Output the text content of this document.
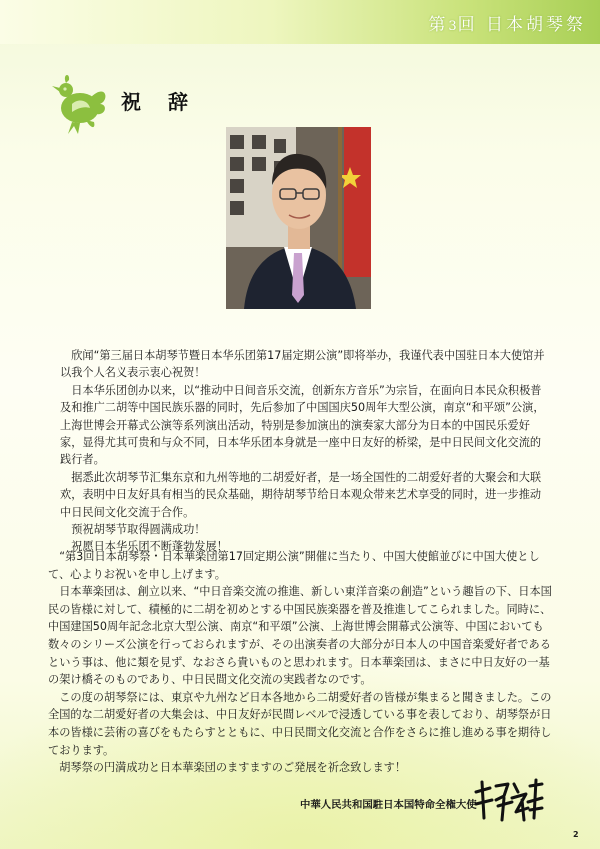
第3回 日本胡琴祭
祝 辞

欣闻“第三届日本胡琴节暨日本华乐团第17届定期公演”即将举办，我谨代表中国驻日本大使馆并以我个人名义表示衷心祝贺！

日本华乐团创办以来，以“推动中日间音乐交流，创新东方音乐”为宗旨，在面向日本民众积极普及和推广二胡等中国民族乐器的同时，先后参加了中国国庆50周年大型公演，南京“和平颂”公演，上海世博会开幕式公演等系列演出活动，特别是参加演出的演奏家大部分为日本的中国民乐爱好家，显得尤其可贵和与众不同，日本华乐团本身就是一座中日友好的桥梁，是中日民间文化交流的践行者。

据悉此次胡琴节汇集东京和九州等地的二胡爱好者，是一场全国性的二胡爱好者的大聚会和大联欢，表明中日友好具有相当的民众基础，期待胡琴节给日本观众带来艺术享受的同时，进一步推动中日民间文化交流于合作。

预祝胡琴节取得圆满成功！

祝愿日本华乐团不断蓬勃发展！

“第3回日本胡琴祭・日本華楽団第17回定期公演”開催に当たり、中国大使館並びに中国大使として、心よりお祝いを申し上げます。

日本華楽団は、創立以来、“中日音楽交流の推進、新しい東洋音楽の創造”という趣旨の下、日本国民の皆様に対して、積極的に二胡を初めとする中国民族楽器を普及推進してこられました。同時に、中国建国50周年記念北京大型公演、南京“和平頌”公演、上海世博会開幕式公演等、中国においても数々のシリーズ公演を行っておられますが、その出演奏者の大部分が日本人の中国音楽愛好者であるという事は、他に類を見ず、なおさら貴いものと思われます。日本華楽団は、まさに中日友好の一基の架け橋そのものであり、中日民間文化交流の実践者なのです。

この度の胡琴祭には、東京や九州など日本各地から二胡愛好者の皆様が集まると聞きました。この全国的な二胡愛好者の大集会は、中日友好が民間レベルで浸透している事を表しており、胡琴祭が日本の皆様に芸術の喜びをもたらすとともに、中日民間文化交流と合作をさらに推し進める事を期待しております。

胡琴祭の円満成功と日本華楽団のますますのご発展を祈念致します！

中華人民共和国駐日本国特命全権大使
2
